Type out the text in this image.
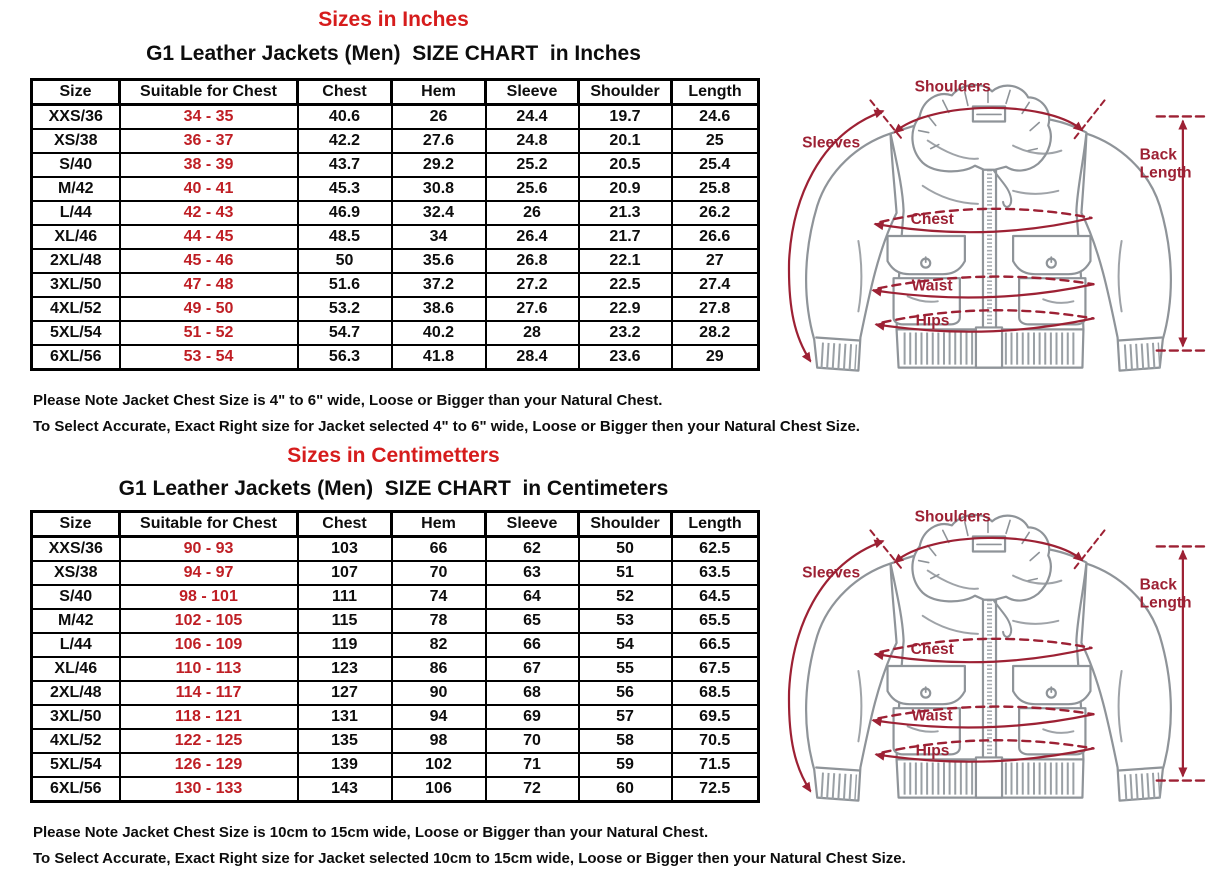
Sizes in Inches
G1 Leather Jackets (Men)  SIZE CHART  in Inches
Size	Suitable for Chest	Chest	Hem	Sleeve	Shoulder	Length
XXS/36	34 - 35	40.6	26	24.4	19.7	24.6
XS/38	36 - 37	42.2	27.6	24.8	20.1	25
S/40	38 - 39	43.7	29.2	25.2	20.5	25.4
M/42	40 - 41	45.3	30.8	25.6	20.9	25.8
L/44	42 - 43	46.9	32.4	26	21.3	26.2
XL/46	44 - 45	48.5	34	26.4	21.7	26.6
2XL/48	45 - 46	50	35.6	26.8	22.1	27
3XL/50	47 - 48	51.6	37.2	27.2	22.5	27.4
4XL/52	49 - 50	53.2	38.6	27.6	22.9	27.8
5XL/54	51 - 52	54.7	40.2	28	23.2	28.2
6XL/56	53 - 54	56.3	41.8	28.4	23.6	29
Please Note Jacket Chest Size is 4" to 6" wide, Loose or Bigger than your Natural Chest.
To Select Accurate, Exact Right size for Jacket selected 4" to 6" wide, Loose or Bigger then your Natural Chest Size.
Sizes in Centimetters
G1 Leather Jackets (Men)  SIZE CHART  in Centimeters
Size	Suitable for Chest	Chest	Hem	Sleeve	Shoulder	Length
XXS/36	90 - 93	103	66	62	50	62.5
XS/38	94 - 97	107	70	63	51	63.5
S/40	98 - 101	111	74	64	52	64.5
M/42	102 - 105	115	78	65	53	65.5
L/44	106 - 109	119	82	66	54	66.5
XL/46	110 - 113	123	86	67	55	67.5
2XL/48	114 - 117	127	90	68	56	68.5
3XL/50	118 - 121	131	94	69	57	69.5
4XL/52	122 - 125	135	98	70	58	70.5
5XL/54	126 - 129	139	102	71	59	71.5
6XL/56	130 - 133	143	106	72	60	72.5
Please Note Jacket Chest Size is 10cm to 15cm wide, Loose or Bigger than your Natural Chest.
To Select Accurate, Exact Right size for Jacket selected 10cm to 15cm wide, Loose or Bigger then your Natural Chest Size.
